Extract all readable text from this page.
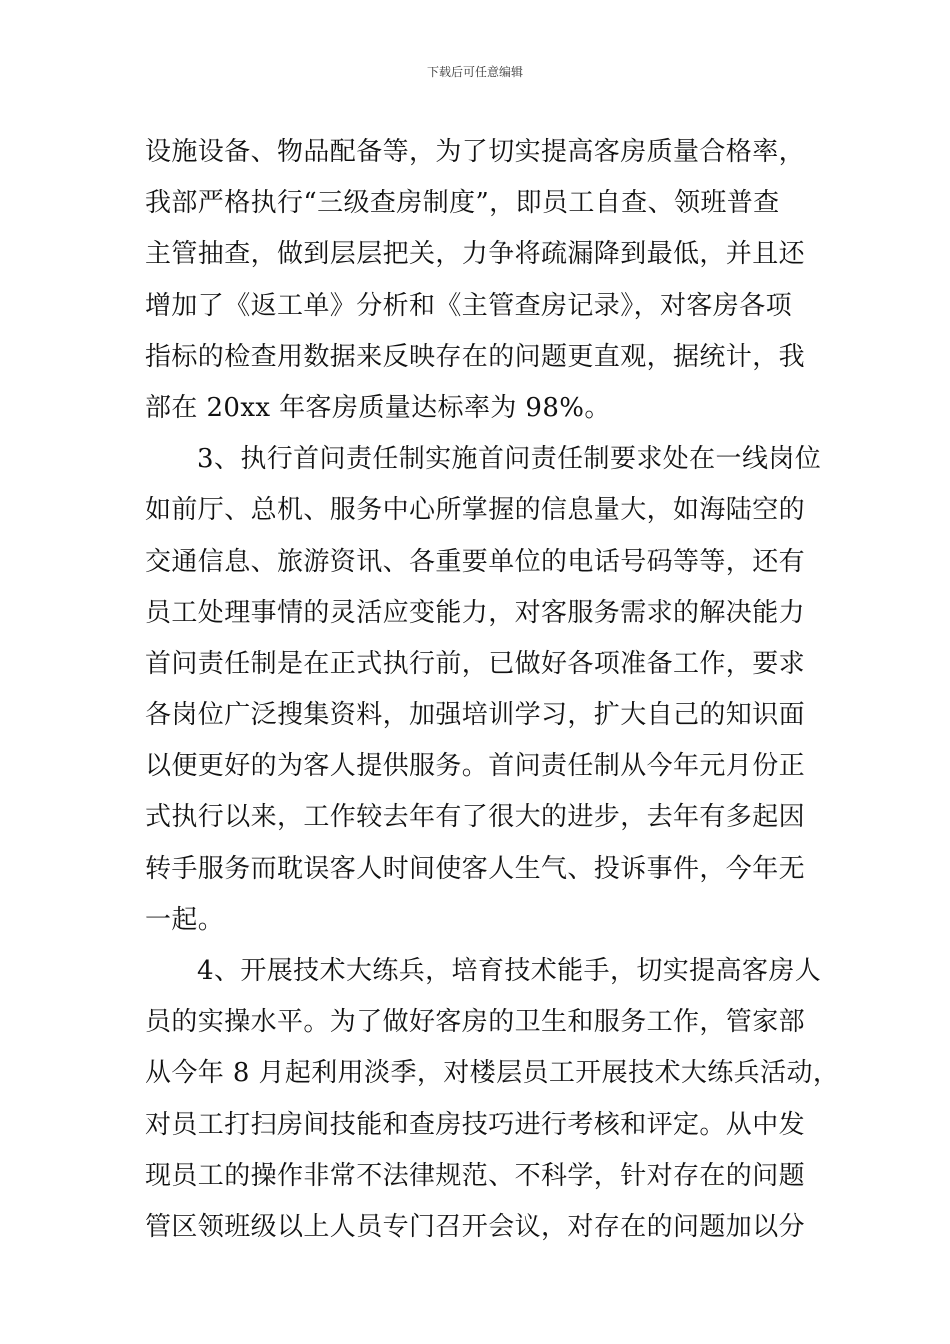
下载后可任意编辑
设施设备、物品配备等，为了切实提高客房质量合格率，
我部严格执行“三级查房制度”，即员工自查、领班普查
主管抽查，做到层层把关，力争将疏漏降到最低，并且还
增加了《返工单》分析和《主管查房记录》，对客房各项
指标的检查用数据来反映存在的问题更直观，据统计，我
部在 20xx 年客房质量达标率为 98%。
3、执行首问责任制实施首问责任制要求处在一线岗位
如前厅、总机、服务中心所掌握的信息量大，如海陆空的
交通信息、旅游资讯、各重要单位的电话号码等等，还有
员工处理事情的灵活应变能力，对客服务需求的解决能力
首问责任制是在正式执行前，已做好各项准备工作，要求
各岗位广泛搜集资料，加强培训学习，扩大自己的知识面
以便更好的为客人提供服务。首问责任制从今年元月份正
式执行以来，工作较去年有了很大的进步，去年有多起因
转手服务而耽误客人时间使客人生气、投诉事件，今年无
一起。
4、开展技术大练兵，培育技术能手，切实提高客房人
员的实操水平。为了做好客房的卫生和服务工作，管家部
从今年 8 月起利用淡季，对楼层员工开展技术大练兵活动，
对员工打扫房间技能和查房技巧进行考核和评定。从中发
现员工的操作非常不法律规范、不科学，针对存在的问题
管区领班级以上人员专门召开会议，对存在的问题加以分
